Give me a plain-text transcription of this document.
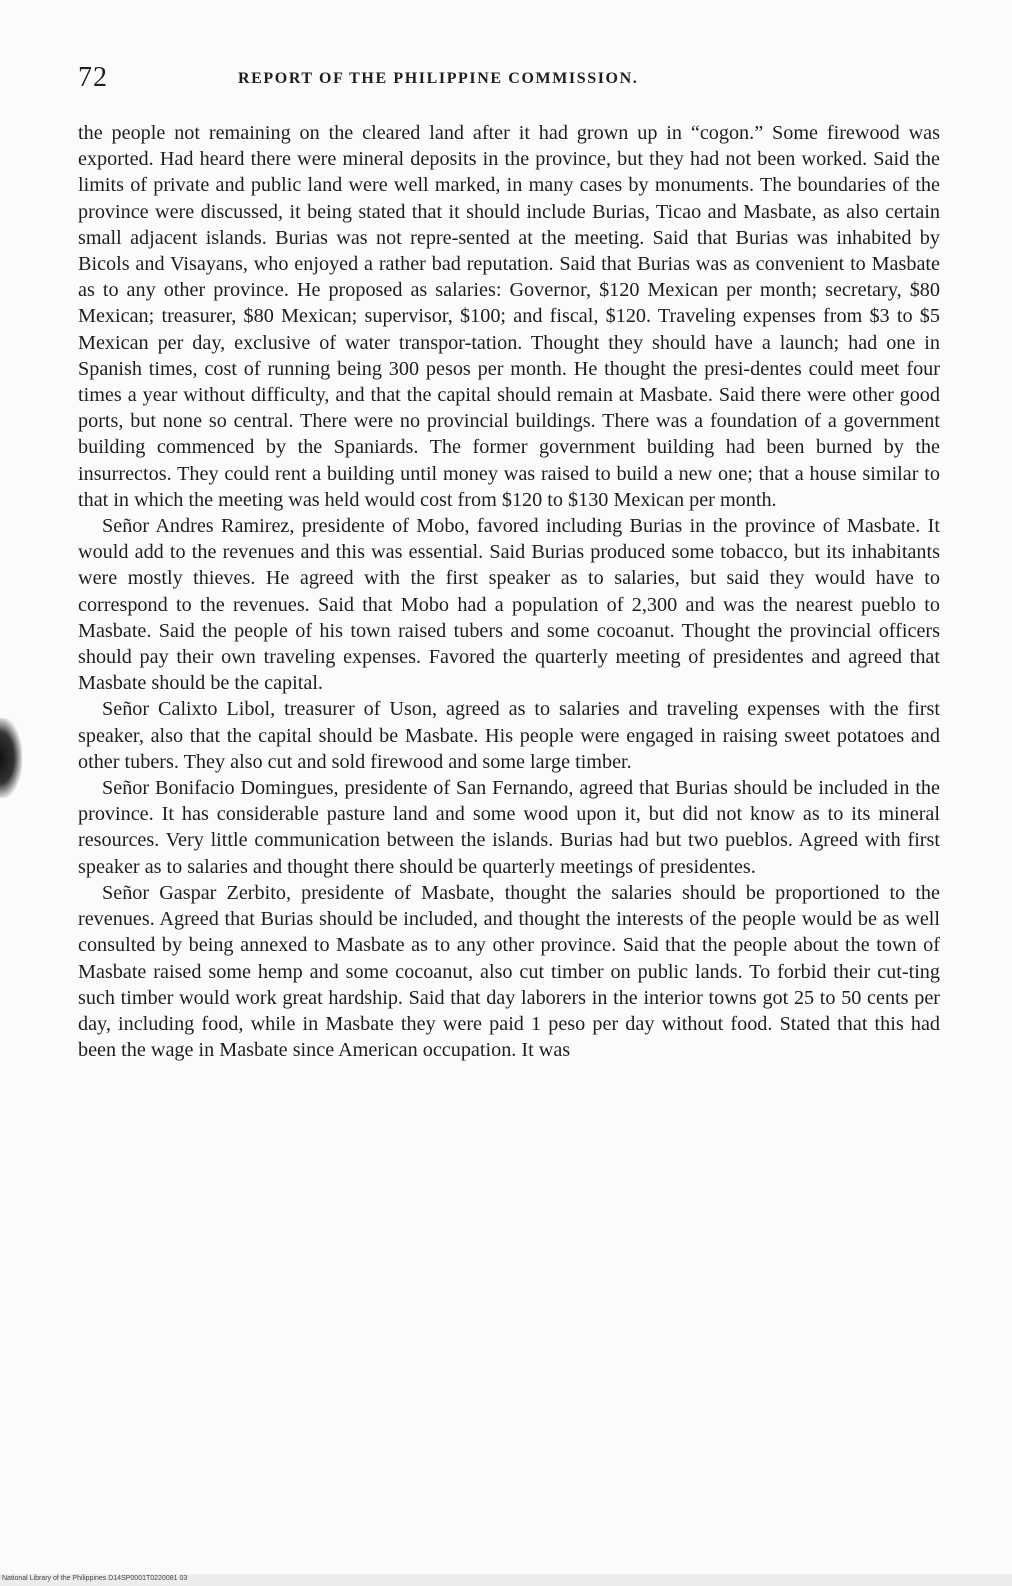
72	REPORT OF THE PHILIPPINE COMMISSION.

the people not remaining on the cleared land after it had grown up in “cogon.” Some firewood was exported. Had heard there were mineral deposits in the province, but they had not been worked. Said the limits of private and public land were well marked, in many cases by monuments. The boundaries of the province were discussed, it being stated that it should include Burias, Ticao and Masbate, as also certain small adjacent islands. Burias was not repre-sented at the meeting. Said that Burias was inhabited by Bicols and Visayans, who enjoyed a rather bad reputation. Said that Burias was as convenient to Masbate as to any other province. He proposed as salaries: Governor, $120 Mexican per month; secretary, $80 Mexican; treasurer, $80 Mexican; supervisor, $100; and fiscal, $120. Traveling expenses from $3 to $5 Mexican per day, exclusive of water transpor-tation. Thought they should have a launch; had one in Spanish times, cost of running being 300 pesos per month. He thought the presi-dentes could meet four times a year without difficulty, and that the capital should remain at Masbate. Said there were other good ports, but none so central. There were no provincial buildings. There was a foundation of a government building commenced by the Spaniards. The former government building had been burned by the insurrectos. They could rent a building until money was raised to build a new one; that a house similar to that in which the meeting was held would cost from $120 to $130 Mexican per month.

Señor Andres Ramirez, presidente of Mobo, favored including Burias in the province of Masbate. It would add to the revenues and this was essential. Said Burias produced some tobacco, but its inhabitants were mostly thieves. He agreed with the first speaker as to salaries, but said they would have to correspond to the revenues. Said that Mobo had a population of 2,300 and was the nearest pueblo to Masbate. Said the people of his town raised tubers and some cocoanut. Thought the provincial officers should pay their own traveling expenses. Favored the quarterly meeting of presidentes and agreed that Masbate should be the capital.

Señor Calixto Libol, treasurer of Uson, agreed as to salaries and traveling expenses with the first speaker, also that the capital should be Masbate. His people were engaged in raising sweet potatoes and other tubers. They also cut and sold firewood and some large timber.

Señor Bonifacio Domingues, presidente of San Fernando, agreed that Burias should be included in the province. It has considerable pasture land and some wood upon it, but did not know as to its mineral resources. Very little communication between the islands. Burias had but two pueblos. Agreed with first speaker as to salaries and thought there should be quarterly meetings of presidentes.

Señor Gaspar Zerbito, presidente of Masbate, thought the salaries should be proportioned to the revenues. Agreed that Burias should be included, and thought the interests of the people would be as well consulted by being annexed to Masbate as to any other province. Said that the people about the town of Masbate raised some hemp and some cocoanut, also cut timber on public lands. To forbid their cut-ting such timber would work great hardship. Said that day laborers in the interior towns got 25 to 50 cents per day, including food, while in Masbate they were paid 1 peso per day without food. Stated that this had been the wage in Masbate since American occupation. It was

National Library of the Philippines D14SP0001T0220081 03
